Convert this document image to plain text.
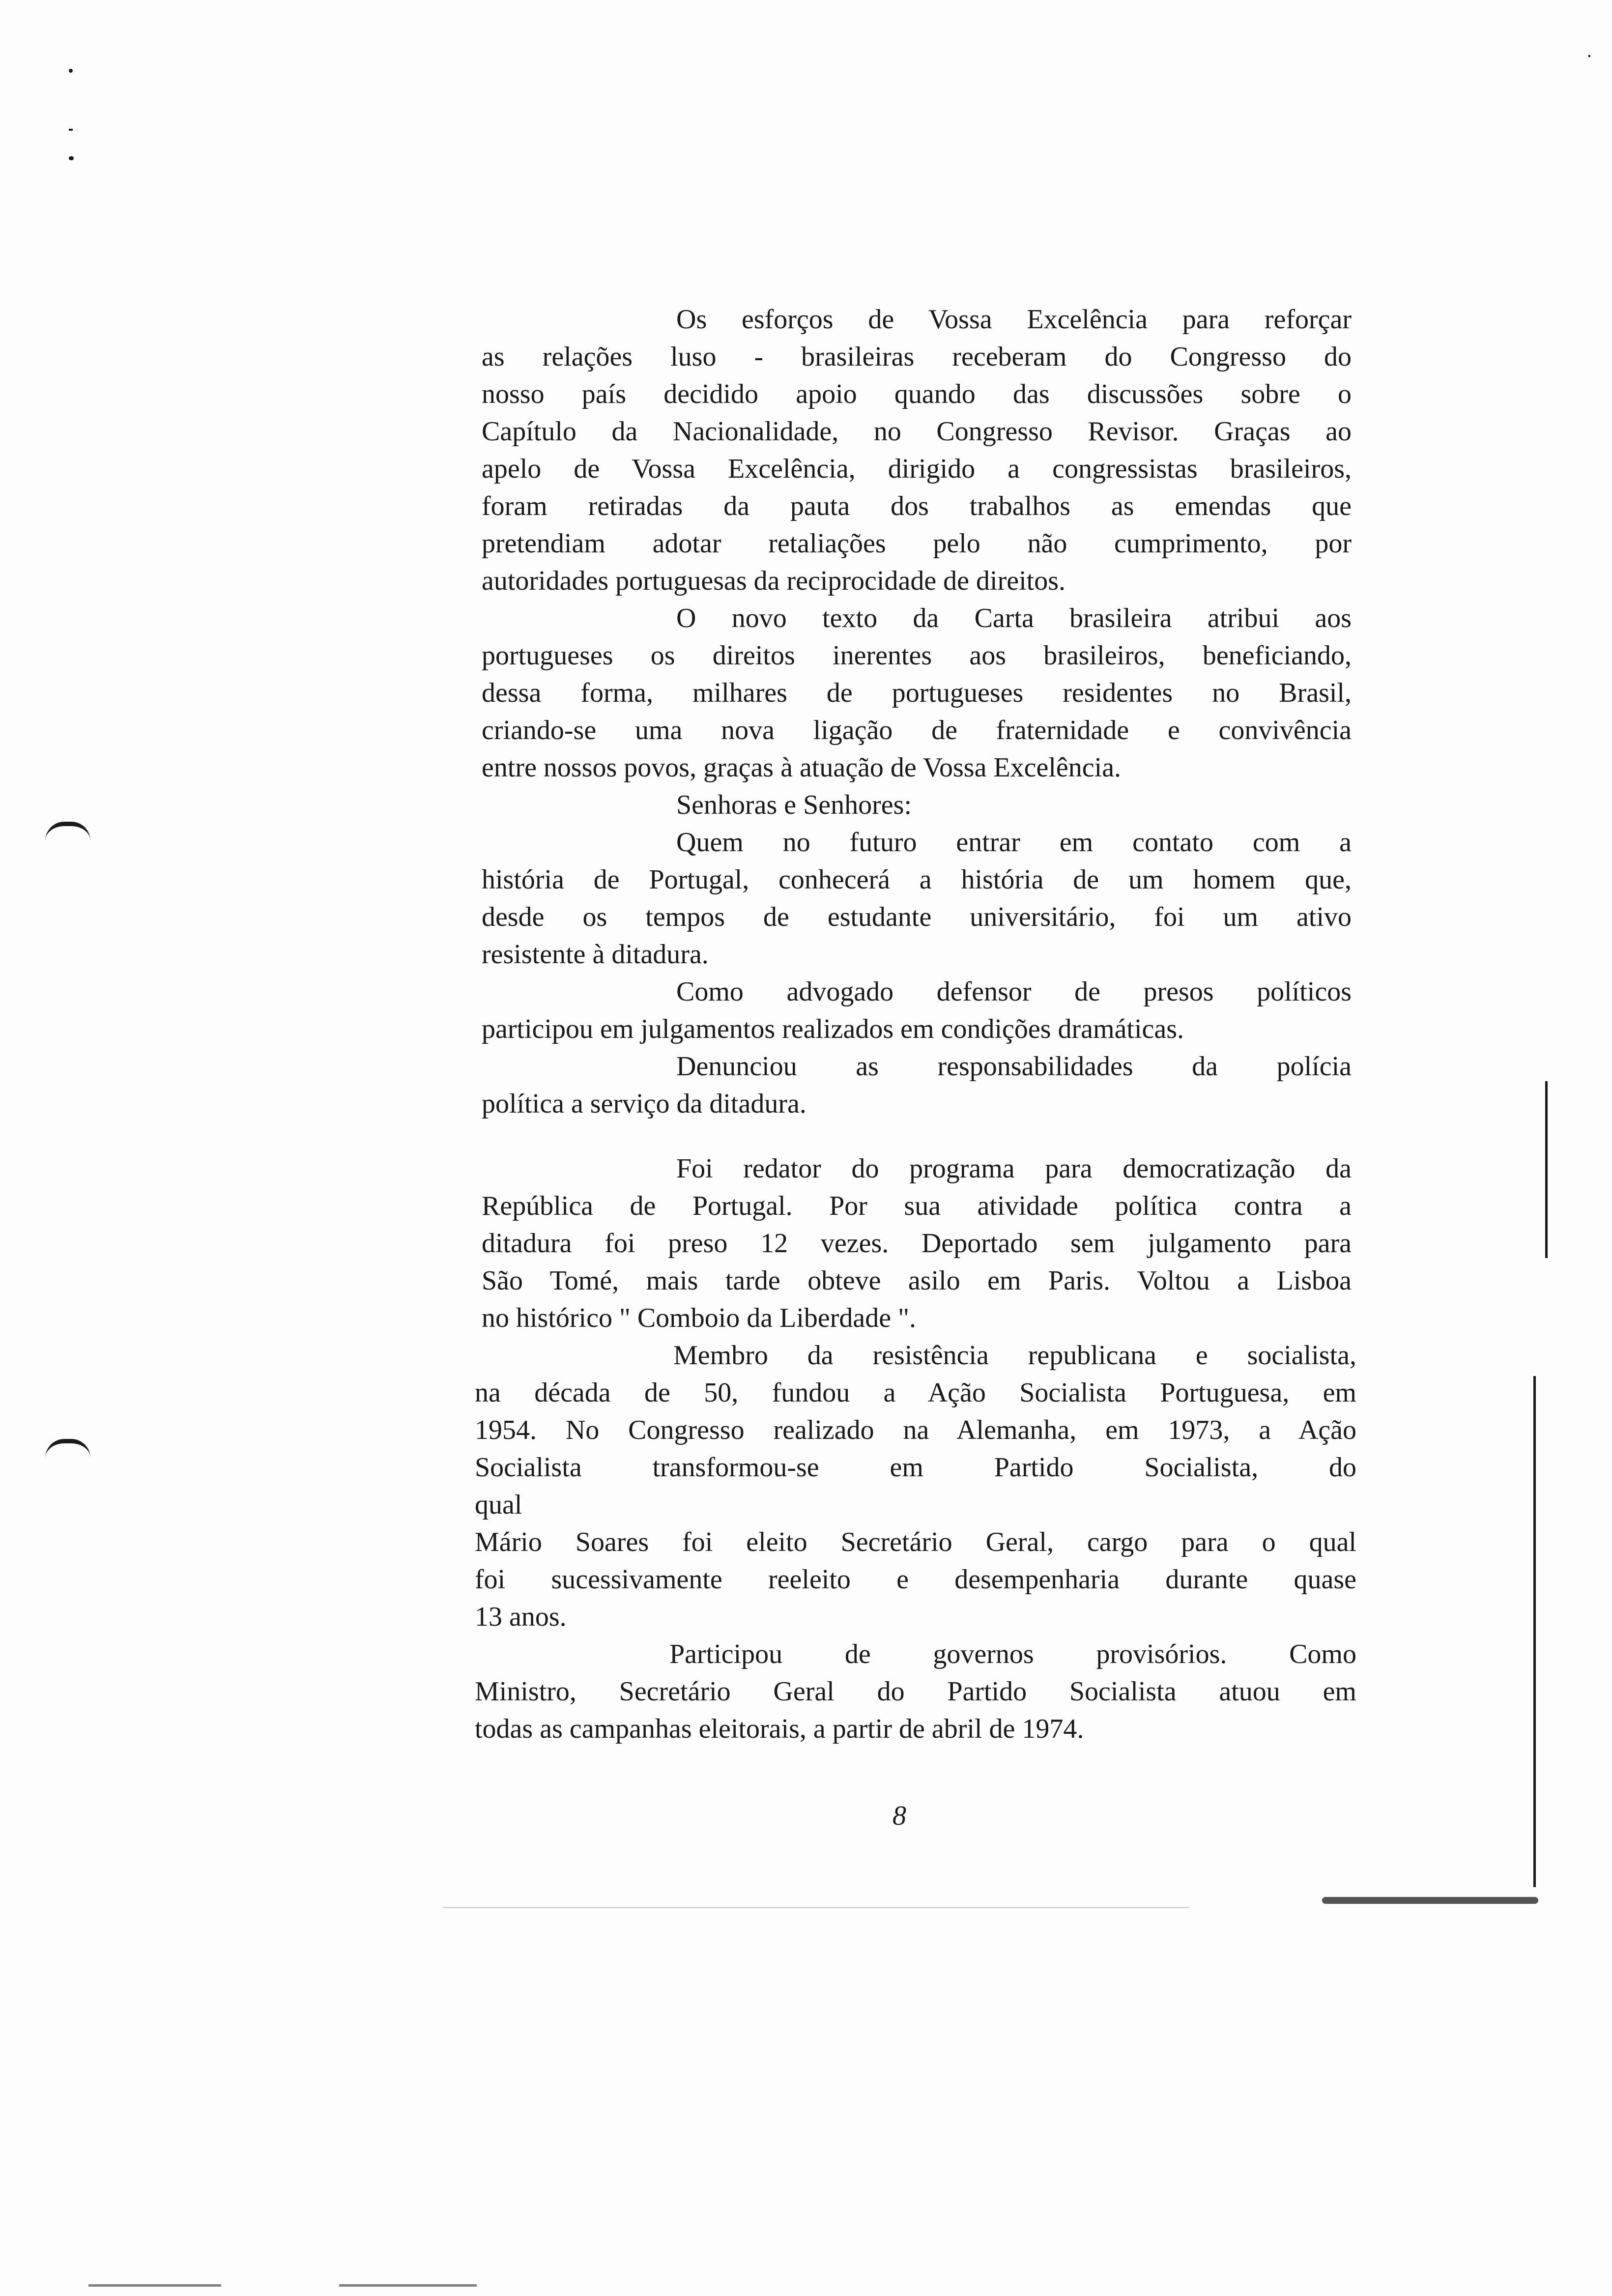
Os esforços de Vossa Excelência para reforçar
as relações luso - brasileiras receberam do Congresso do
nosso país decidido apoio quando das discussões sobre o
Capítulo da Nacionalidade, no Congresso Revisor. Graças ao
apelo de Vossa Excelência, dirigido a congressistas brasileiros,
foram retiradas da pauta dos trabalhos as emendas que
pretendiam adotar retaliações pelo não cumprimento, por
autoridades portuguesas da reciprocidade de direitos.
O novo texto da Carta brasileira atribui aos
portugueses os direitos inerentes aos brasileiros, beneficiando,
dessa forma, milhares de portugueses residentes no Brasil,
criando-se uma nova ligação de fraternidade e convivência
entre nossos povos, graças à atuação de Vossa Excelência.
Senhoras e Senhores:
Quem no futuro entrar em contato com a
história de Portugal, conhecerá a história de um homem que,
desde os tempos de estudante universitário, foi um ativo
resistente à ditadura.
Como advogado defensor de presos políticos
participou em julgamentos realizados em condições dramáticas.
Denunciou as responsabilidades da polícia
política a serviço da ditadura.
Foi redator do programa para democratização da
República de Portugal. Por sua atividade política contra a
ditadura foi preso 12 vezes. Deportado sem julgamento para
São Tomé, mais tarde obteve asilo em Paris. Voltou a Lisboa
no histórico " Comboio da Liberdade ".
Membro da resistência republicana e socialista,
na década de 50, fundou a Ação Socialista Portuguesa, em
1954. No Congresso realizado na Alemanha, em 1973, a Ação
Socialista transformou-se em Partido Socialista, do
qual
Mário Soares foi eleito Secretário Geral, cargo para o qual
foi sucessivamente reeleito e desempenharia durante quase
13 anos.
Participou de governos provisórios. Como
Ministro, Secretário Geral do Partido Socialista atuou em
todas as campanhas eleitorais, a partir de abril de 1974.
8
